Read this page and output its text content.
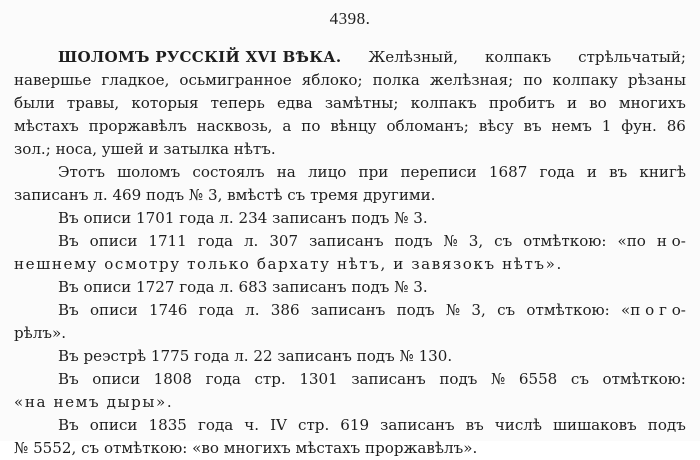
4398.
ШОЛОМЪ РУССКІЙ XVI ВѢКА. Желѣзный, колпакъ стрѣльчатый;
навершье гладкое, осьмигранное яблоко; полка желѣзная; по колпаку рѣзаны
были травы, которыя теперь едва замѣтны; колпакъ пробитъ и во многихъ
мѣстахъ проржавѣлъ насквозь, а по вѣнцу обломанъ; вѣсу въ немъ 1 фун. 86
зол.; носа, ушей и затылка нѣтъ.
Этотъ шоломъ состоялъ на лицо при переписи 1687 года и въ книгѣ
записанъ л. 469 подъ № 3, вмѣстѣ съ тремя другими.
Въ описи 1701 года л. 234 записанъ подъ № 3.
Въ описи 1711 года л. 307 записанъ подъ № 3, съ отмѣткою: «по н о-
нешнему осмотру только бархату нѣтъ, и завязокъ нѣтъ».
Въ описи 1727 года л. 683 записанъ подъ № 3.
Въ описи 1746 года л. 386 записанъ подъ № 3, съ отмѣткою: «п о г о-
рѣлъ».
Въ реэстрѣ 1775 года л. 22 записанъ подъ № 130.
Въ описи 1808 года стр. 1301 записанъ подъ № 6558 съ отмѣткою:
«на немъ дыры».
Въ описи 1835 года ч. IV стр. 619 записанъ въ числѣ шишаковъ подъ
№ 5552, съ отмѣткою: «во многихъ мѣстахъ проржавѣлъ».
